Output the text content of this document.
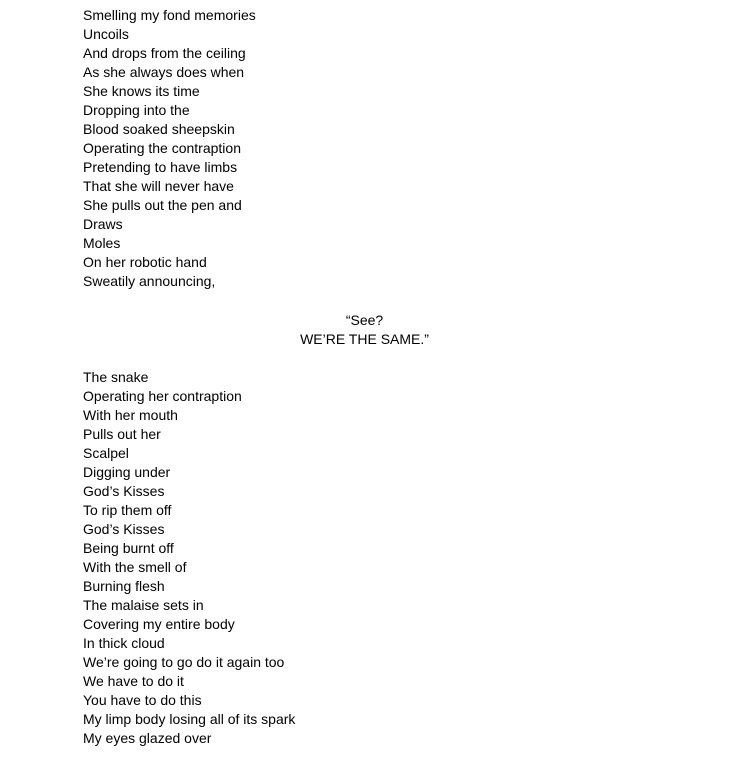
Smelling my fond memories
Uncoils
And drops from the ceiling
As she always does when
She knows its time
Dropping into the
Blood soaked sheepskin
Operating the contraption
Pretending to have limbs
That she will never have
She pulls out the pen and
Draws
Moles
On her robotic hand
Sweatily announcing,
“See?
WE’RE THE SAME.”
The snake
Operating her contraption
With her mouth
Pulls out her
Scalpel
Digging under
God’s Kisses
To rip them off
God’s Kisses
Being burnt off
With the smell of
Burning flesh
The malaise sets in
Covering my entire body
In thick cloud
We’re going to go do it again too
We have to do it
You have to do this
My limp body losing all of its spark
My eyes glazed over
